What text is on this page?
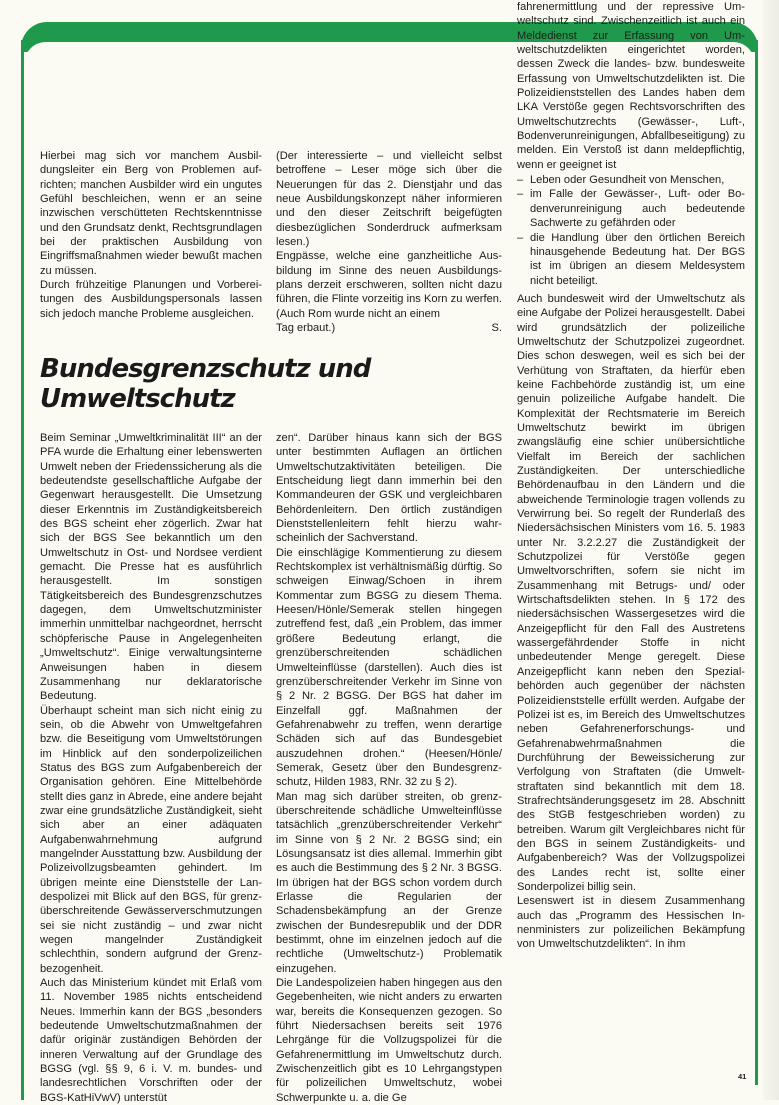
Hierbei mag sich vor manchem Ausbildungsleiter ein Berg von Problemen aufrichten; manchen Ausbilder wird ein ungutes Gefühl beschleichen, wenn er an seine inzwischen verschütteten Rechtskenntnisse und den Grundsatz denkt, Rechtsgrundlagen bei der praktischen Ausbildung von Eingriffsmaßnahmen wieder bewußt machen zu müssen.

Durch frühzeitige Planungen und Vorbereitungen des Ausbildungspersonals lassen sich jedoch manche Probleme ausgleichen.

(Der interessierte – und vielleicht selbst betroffene – Leser möge sich über die Neuerungen für das 2. Dienstjahr und das neue Ausbildungskonzept näher informieren und den dieser Zeitschrift beigefügten diesbezüglichen Sonderdruck aufmerksam lesen.)

Engpässe, welche eine ganzheitliche Ausbildung im Sinne des neuen Ausbildungsplans derzeit erschweren, sollten nicht dazu führen, die Flinte vorzeitig ins Korn zu werfen. (Auch Rom wurde nicht an einem

Tag erbaut.)	S.
Bundesgrenzschutz und
Umweltschutz

Beim Seminar „Umweltkriminalität III“ an der PFA wurde die Erhaltung einer lebenswerten Umwelt neben der Friedenssicherung als die bedeutendste gesellschaftliche Aufgabe der Gegenwart herausgestellt. Die Umsetzung dieser Erkenntnis im Zuständigkeitsbereich des BGS scheint eher zögerlich. Zwar hat sich der BGS See bekanntlich um den Umweltschutz in Ost- und Nordsee verdient gemacht. Die Presse hat es ausführlich herausgestellt. Im sonstigen Tätigkeitsbereich des Bundesgrenzschutzes dagegen, dem Umweltschutzminister immerhin unmittelbar nachgeordnet, herrscht schöpferische Pause in Angelegenheiten „Umweltschutz“. Einige verwaltungsinterne Anweisungen haben in diesem Zusammenhang nur deklaratorische Bedeutung.

Überhaupt scheint man sich nicht einig zu sein, ob die Abwehr von Umweltgefahren bzw. die Beseitigung vom Umweltstörungen im Hinblick auf den sonderpolizeilichen Status des BGS zum Aufgabenbereich der Organisation gehören. Eine Mittelbehörde stellt dies ganz in Abrede, eine andere bejaht zwar eine grundsätzliche Zuständigkeit, sieht sich aber an einer adäquaten Aufgabenwahrnehmung aufgrund mangelnder Ausstattung bzw. Ausbildung der Polizeivollzugsbeamten gehindert. Im übrigen meinte eine Dienststelle der Landespolizei mit Blick auf den BGS, für grenzüberschreitende Gewässerverschmutzungen sei sie nicht zuständig – und zwar nicht wegen mangelnder Zuständigkeit schlechthin, sondern aufgrund der Grenzbezogenheit.

Auch das Ministerium kündet mit Erlaß vom 11. November 1985 nichts entscheidend Neues. Immerhin kann der BGS „besonders bedeutende Umweltschutzmaßnahmen der dafür originär zuständigen Behörden der inneren Verwaltung auf der Grundlage des BGSG (vgl. §§ 9, 6 i. V. m. bundes- und landesrechtlichen Vorschriften oder der BGS-KatHiVwV) unterstüt

zen“. Darüber hinaus kann sich der BGS unter bestimmten Auflagen an örtlichen Umweltschutzaktivitäten beteiligen. Die Entscheidung liegt dann immerhin bei den Kommandeuren der GSK und vergleichbaren Behördenleitern. Den örtlich zuständigen Dienststellenleitern fehlt hierzu wahrscheinlich der Sachverstand.

Die einschlägige Kommentierung zu diesem Rechtskomplex ist verhältnismäßig dürftig. So schweigen Einwag/Schoen in ihrem Kommentar zum BGSG zu diesem Thema. Heesen/Hönle/Semerak stellen hingegen zutreffend fest, daß „ein Problem, das immer größere Bedeutung erlangt, die grenzüberschreitenden schädlichen Umwelteinflüsse (darstellen). Auch dies ist grenzüberschreitender Verkehr im Sinne von § 2 Nr. 2 BGSG. Der BGS hat daher im Einzelfall ggf. Maßnahmen der Gefahrenabwehr zu treffen, wenn derartige Schäden sich auf das Bundesgebiet auszudehnen drohen.“ (Heesen/Hönle/ Semerak, Gesetz über den Bundesgrenzschutz, Hilden 1983, RNr. 32 zu § 2).

Man mag sich darüber streiten, ob grenzüberschreitende schädliche Umwelteinflüsse tatsächlich „grenzüberschreitender Verkehr“ im Sinne von § 2 Nr. 2 BGSG sind; ein Lösungsansatz ist dies allemal. Immerhin gibt es auch die Bestimmung des § 2 Nr. 3 BGSG. Im übrigen hat der BGS schon vordem durch Erlasse die Regularien der Schadensbekämpfung an der Grenze zwischen der Bundesrepublik und der DDR bestimmt, ohne im einzelnen jedoch auf die rechtliche (Umweltschutz-) Problematik einzugehen.

Die Landespolizeien haben hingegen aus den Gegebenheiten, wie nicht anders zu erwarten war, bereits die Konsequenzen gezogen. So führt Niedersachsen bereits seit 1976 Lehrgänge für die Vollzugspolizei für die Gefahrenermittlung im Umweltschutz durch. Zwischenzeitlich gibt es 10 Lehrgangstypen für polizeilichen Umweltschutz, wobei Schwerpunkte u. a. die Ge

fahrenermittlung und der repressive Umweltschutz sind. Zwischenzeitlich ist auch ein Meldedienst zur Erfassung von Umweltschutzdelikten eingerichtet worden, dessen Zweck die landes- bzw. bundesweite Erfassung von Umweltschutzdelikten ist. Die Polizeidienststellen des Landes haben dem LKA Verstöße gegen Rechtsvorschriften des Umweltschutzrechts (Gewässer-, Luft-, Bodenverunreinigungen, Abfallbeseitigung) zu melden. Ein Verstoß ist dann meldepflichtig, wenn er geeignet ist

– Leben oder Gesundheit von Menschen,
– im Falle der Gewässer-, Luft- oder Bodenverunreinigung auch bedeutende Sachwerte zu gefährden oder
– die Handlung über den örtlichen Bereich hinausgehende Bedeutung hat. Der BGS ist im übrigen an diesem Meldesystem nicht beteiligt.

Auch bundesweit wird der Umweltschutz als eine Aufgabe der Polizei herausgestellt. Dabei wird grundsätzlich der polizeiliche Umweltschutz der Schutzpolizei zugeordnet. Dies schon deswegen, weil es sich bei der Verhütung von Straftaten, da hierfür eben keine Fachbehörde zuständig ist, um eine genuin polizeiliche Aufgabe handelt. Die Komplexität der Rechtsmaterie im Bereich Umweltschutz bewirkt im übrigen zwangsläufig eine schier unübersichtliche Vielfalt im Bereich der sachlichen Zuständigkeiten. Der unterschiedliche Behördenaufbau in den Ländern und die abweichende Terminologie tragen vollends zu Verwirrung bei. So regelt der Runderlaß des Niedersächsischen Ministers vom 16. 5. 1983 unter Nr. 3.2.2.27 die Zuständigkeit der Schutzpolizei für Verstöße gegen Umweltvorschriften, sofern sie nicht im Zusammenhang mit Betrugs- und/ oder Wirtschaftsdelikten stehen. In § 172 des niedersächsischen Wassergesetzes wird die Anzeigepflicht für den Fall des Austretens wassergefährdender Stoffe in nicht unbedeutender Menge geregelt. Diese Anzeigepflicht kann neben den Spezialbehörden auch gegenüber der nächsten Polizeidienststelle erfüllt werden. Aufgabe der Polizei ist es, im Bereich des Umweltschutzes neben Gefahrenerforschungs- und Gefahrenabwehrmaßnahmen die Durchführung der Beweissicherung zur Verfolgung von Straftaten (die Umweltstraftaten sind bekanntlich mit dem 18. Strafrechtsänderungsgesetz im 28. Abschnitt des StGB festgeschrieben worden) zu betreiben. Warum gilt Vergleichbares nicht für den BGS in seinem Zuständigkeits- und Aufgabenbereich? Was der Vollzugspolizei des Landes recht ist, sollte einer Sonderpolizei billig sein.

Lesenswert ist in diesem Zusammenhang auch das „Programm des Hessischen Innenministers zur polizeilichen Bekämpfung von Umweltschutzdelikten“. In ihm

41
